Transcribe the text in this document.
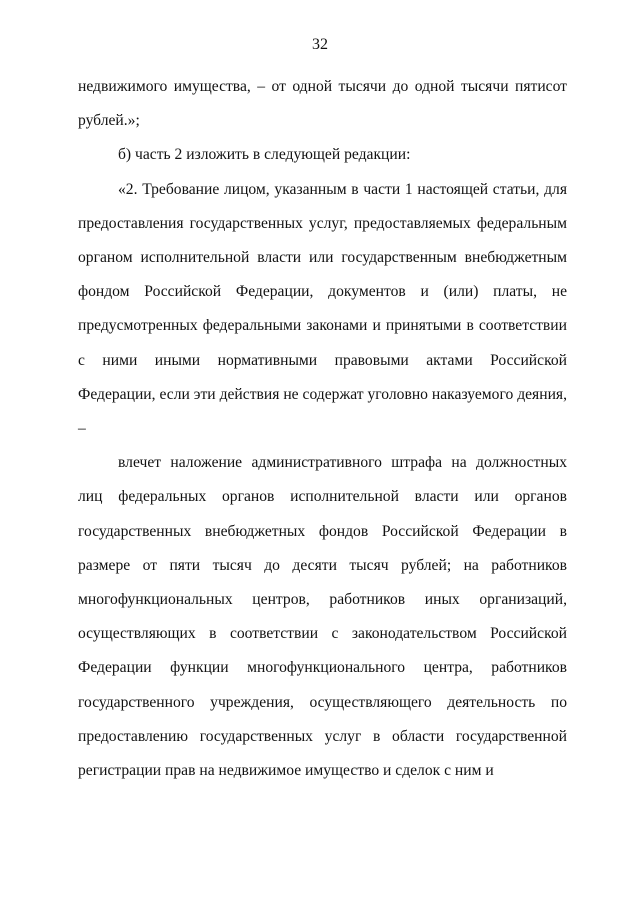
32

недвижимого имущества, – от одной тысячи до одной тысячи пятисот рублей.»;

б) часть 2 изложить в следующей редакции:

«2. Требование лицом, указанным в части 1 настоящей статьи, для предоставления государственных услуг, предоставляемых федеральным органом исполнительной власти или государственным внебюджетным фондом Российской Федерации, документов и (или) платы, не предусмотренных федеральными законами и принятыми в соответствии с ними иными нормативными правовыми актами Российской Федерации, если эти действия не содержат уголовно наказуемого деяния, –

влечет наложение административного штрафа на должностных лиц федеральных органов исполнительной власти или органов государственных внебюджетных фондов Российской Федерации в размере от пяти тысяч до десяти тысяч рублей; на работников многофункциональных центров, работников иных организаций, осуществляющих в соответствии с законодательством Российской Федерации функции многофункционального центра, работников государственного учреждения, осуществляющего деятельность по предоставлению государственных услуг в области государственной регистрации прав на недвижимое имущество и сделок с ним и
